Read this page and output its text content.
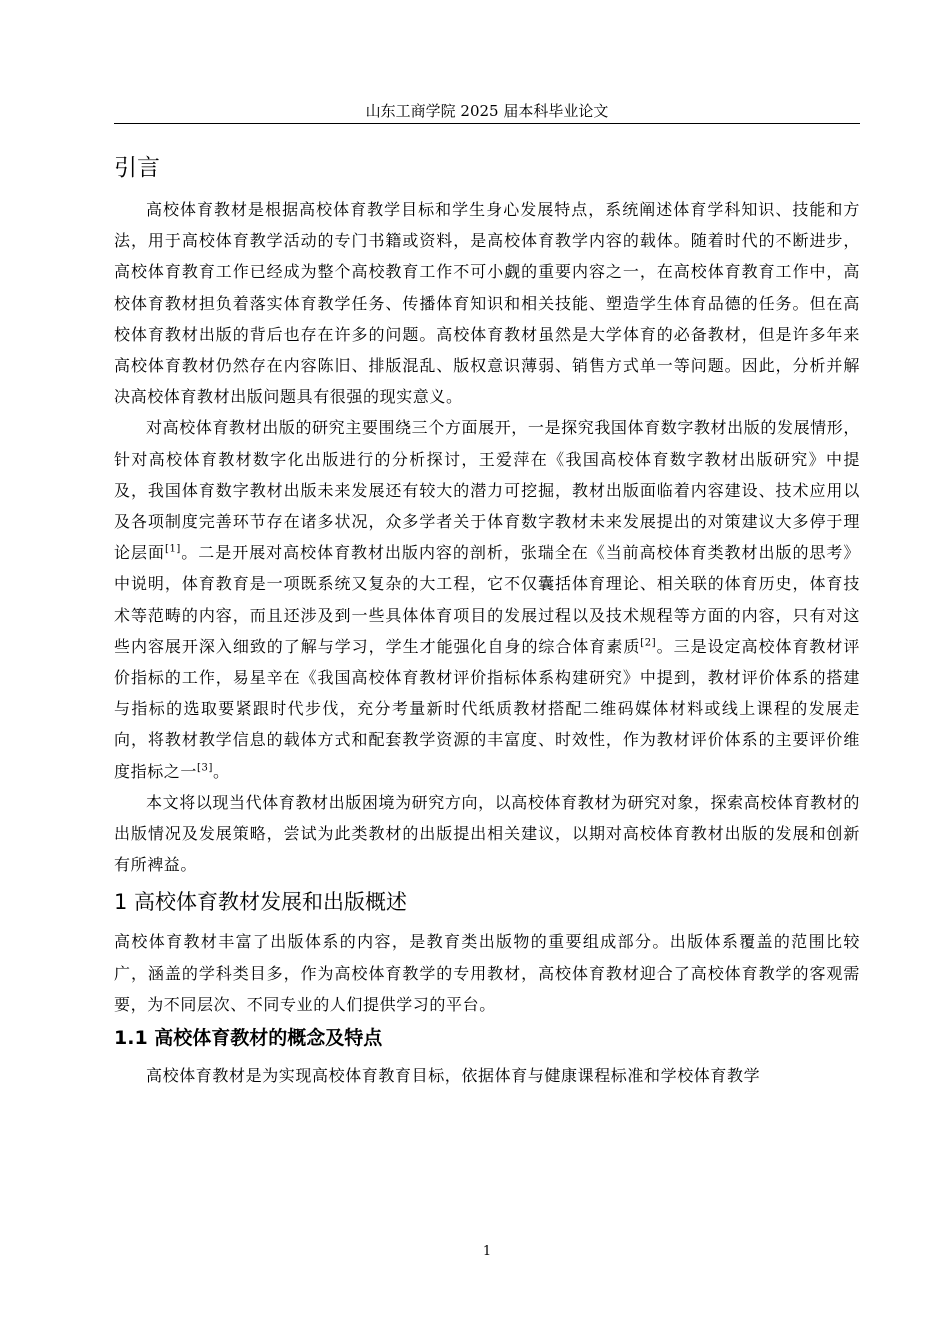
山东工商学院 2025 届本科毕业论文
引言

高校体育教材是根据高校体育教学目标和学生身心发展特点，系统阐述体育学科知识、技能和方法，用于高校体育教学活动的专门书籍或资料，是高校体育教学内容的载体。随着时代的不断进步，高校体育教育工作已经成为整个高校教育工作不可小觑的重要内容之一，在高校体育教育工作中，高校体育教材担负着落实体育教学任务、传播体育知识和相关技能、塑造学生体育品德的任务。但在高校体育教材出版的背后也存在许多的问题。高校体育教材虽然是大学体育的必备教材，但是许多年来高校体育教材仍然存在内容陈旧、排版混乱、版权意识薄弱、销售方式单一等问题。因此，分析并解决高校体育教材出版问题具有很强的现实意义。

对高校体育教材出版的研究主要围绕三个方面展开，一是探究我国体育数字教材出版的发展情形，针对高校体育教材数字化出版进行的分析探讨，王爱萍在《我国高校体育数字教材出版研究》中提及，我国体育数字教材出版未来发展还有较大的潜力可挖掘，教材出版面临着内容建设、技术应用以及各项制度完善环节存在诸多状况，众多学者关于体育数字教材未来发展提出的对策建议大多停于理论层面[1]。二是开展对高校体育教材出版内容的剖析，张瑞全在《当前高校体育类教材出版的思考》中说明，体育教育是一项既系统又复杂的大工程，它不仅囊括体育理论、相关联的体育历史，体育技术等范畴的内容，而且还涉及到一些具体体育项目的发展过程以及技术规程等方面的内容，只有对这些内容展开深入细致的了解与学习，学生才能强化自身的综合体育素质[2]。三是设定高校体育教材评价指标的工作，易星辛在《我国高校体育教材评价指标体系构建研究》中提到，教材评价体系的搭建与指标的选取要紧跟时代步伐，充分考量新时代纸质教材搭配二维码媒体材料或线上课程的发展走向，将教材教学信息的载体方式和配套教学资源的丰富度、时效性，作为教材评价体系的主要评价维度指标之一[3]。

本文将以现当代体育教材出版困境为研究方向，以高校体育教材为研究对象，探索高校体育教材的出版情况及发展策略，尝试为此类教材的出版提出相关建议，以期对高校体育教材出版的发展和创新有所裨益。

1 高校体育教材发展和出版概述

高校体育教材丰富了出版体系的内容，是教育类出版物的重要组成部分。出版体系覆盖的范围比较广，涵盖的学科类目多，作为高校体育教学的专用教材，高校体育教材迎合了高校体育教学的客观需要，为不同层次、不同专业的人们提供学习的平台。

1.1 高校体育教材的概念及特点

高校体育教材是为实现高校体育教育目标，依据体育与健康课程标准和学校体育教学

1
